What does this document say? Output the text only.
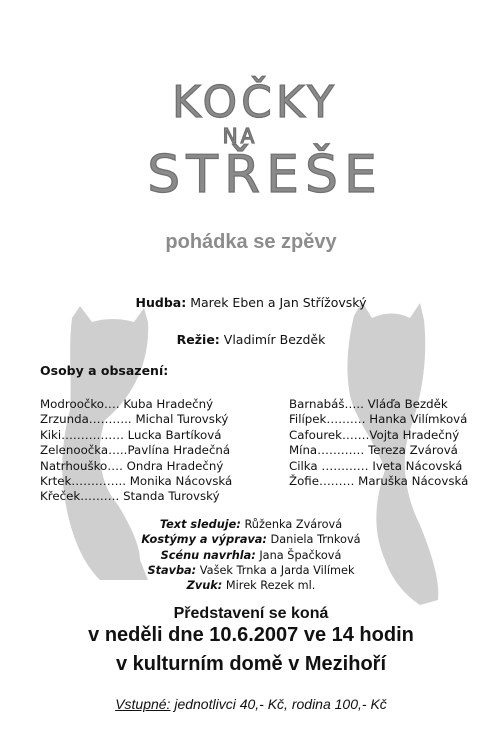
KOČKY
NA
STŘEŠE
pohádka se zpěvy
Hudba: Marek Eben a Jan Střížovský
Režie: Vladimír Bezděk
Osoby a obsazení:
Modroočko…. Kuba Hradečný
Zrzunda……….. Michal Turovský
Kiki……………. Lucka Bartíková
Zelenoočka…..Pavlína Hradečná
Natrhouško…. Ondra Hradečný
Krtek………….. Monika Nácovská
Křeček………. Standa Turovský
Barnabáš….. Vláďa Bezděk
Filípek………. Hanka Vilímková
Cafourek…….Vojta Hradečný
Mína………… Tereza Zvárová
Cilka ………… Iveta Nácovská
Žofie……… Maruška Nácovská
Text sleduje: Růženka Zvárová
Kostýmy a výprava: Daniela Trnková
Scénu navrhla: Jana Špačková
Stavba: Vašek Trnka a Jarda Vilímek
Zvuk: Mirek Rezek ml.
Představení se koná
v neděli dne 10.6.2007 ve 14 hodin
v kulturním domě v Mezihoří
Vstupné: jednotlivci 40,- Kč, rodina 100,- Kč
